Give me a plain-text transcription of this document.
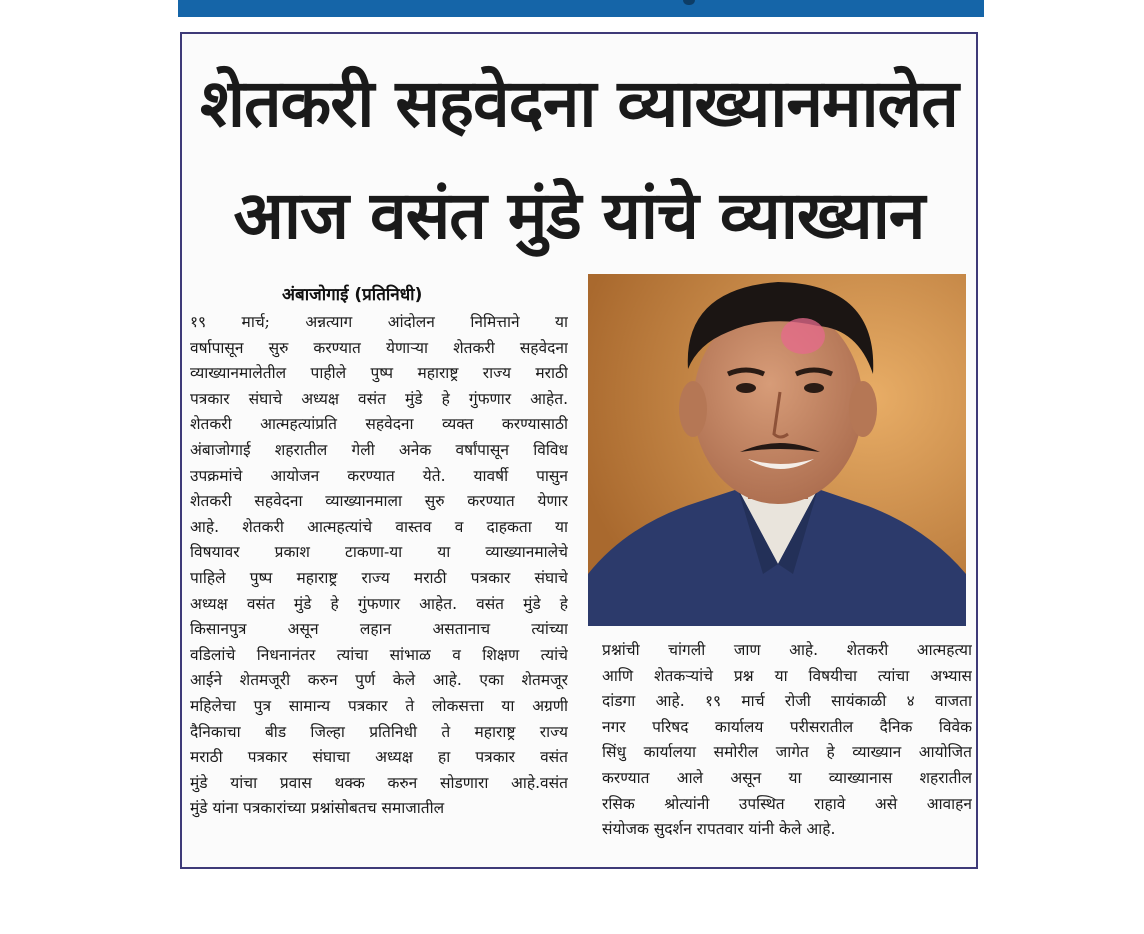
शेतकरी सहवेदना व्याख्यानमालेत
आज वसंत मुंडे यांचे व्याख्यान
अंबाजोगाई (प्रतिनिधी)
१९ मार्च; अन्नत्याग आंदोलन निमित्ताने या
वर्षापासून सुरु करण्यात येणाऱ्या शेतकरी सहवेदना
व्याख्यानमालेतील पाहीले पुष्प महाराष्ट्र राज्य मराठी
पत्रकार संघाचे अध्यक्ष वसंत मुंडे हे गुंफणार आहेत.
शेतकरी आत्महत्यांप्रति सहवेदना व्यक्त करण्यासाठी
अंबाजोगाई शहरातील गेली अनेक वर्षांपासून विविध
उपक्रमांचे आयोजन करण्यात येते. यावर्षी पासुन
शेतकरी सहवेदना व्याख्यानमाला सुरु करण्यात येणार
आहे. शेतकरी आत्महत्यांचे वास्तव व दाहकता या
विषयावर प्रकाश टाकणा-या या व्याख्यानमालेचे
पाहिले पुष्प महाराष्ट्र राज्य मराठी पत्रकार संघाचे
अध्यक्ष वसंत मुंडे हे गुंफणार आहेत. वसंत मुंडे हे
किसानपुत्र असून लहान असतानाच त्यांच्या
वडिलांचे निधनानंतर त्यांचा सांभाळ व शिक्षण त्यांचे
आईने शेतमजूरी करुन पुर्ण केले आहे. एका शेतमजूर
महिलेचा पुत्र सामान्य पत्रकार ते लोकसत्ता या अग्रणी
दैनिकाचा बीड जिल्हा प्रतिनिधी ते महाराष्ट्र राज्य
मराठी पत्रकार संघाचा अध्यक्ष हा पत्रकार वसंत
मुंडे यांचा प्रवास थक्क करुन सोडणारा आहे.वसंत
मुंडे यांना पत्रकारांच्या प्रश्नांसोबतच समाजातील
प्रश्नांची चांगली जाण आहे. शेतकरी आत्महत्या
आणि शेतकऱ्यांचे प्रश्न या विषयीचा त्यांचा अभ्यास
दांडगा आहे. १९ मार्च रोजी सायंकाळी ४ वाजता
नगर परिषद कार्यालय परीसरातील दैनिक विवेक
सिंधु कार्यालया समोरील जागेत हे व्याख्यान आयोजित
करण्यात आले असून या व्याख्यानास शहरातील
रसिक श्रोत्यांनी उपस्थित राहावे असे आवाहन
संयोजक सुदर्शन रापतवार यांनी केले आहे.
